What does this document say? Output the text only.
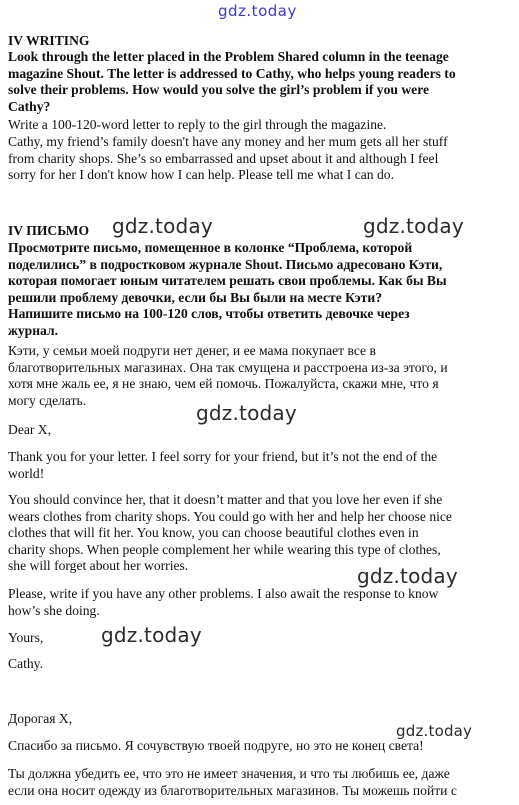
gdz.today
IV WRITING
Look through the letter placed in the Problem Shared column in the teenage
magazine Shout. The letter is addressed to Cathy, who helps young readers to
solve their problems. How would you solve the girl’s problem if you were
Cathy?
Write a 100-120-word letter to reply to the girl through the magazine.
Cathy, my friend’s family doesn't have any money and her mum gets all her stuff
from charity shops. She’s so embarrassed and upset about it and although I feel
sorry for her I don't know how I can help. Please tell me what I can do.
IV ПИСЬМО gdz.today	gdz.today
Просмотрите письмо, помещенное в колонке “Проблема, которой
поделились” в подростковом журнале Shout. Письмо адресовано Кэти,
которая помогает юным читателем решать свои проблемы. Как бы Вы
решили проблему девочки, если бы Вы были на месте Кэти?
Напишите письмо на 100-120 слов, чтобы ответить девочке через
журнал.
Кэти, у семьи моей подруги нет денег, и ее мама покупает все в
благотворительных магазинах. Она так смущена и расстроена из-за этого, и
хотя мне жаль ее, я не знаю, чем ей помочь. Пожалуйста, скажи мне, что я
могу сделать.
gdz.today
Dear X,
Thank you for your letter. I feel sorry for your friend, but it’s not the end of the
world!
You should convince her, that it doesn’t matter and that you love her even if she
wears clothes from charity shops. You could go with her and help her choose nice
clothes that will fit her. You know, you can choose beautiful clothes even in
charity shops. When people complement her while wearing this type of clothes,
she will forget about her worries.	gdz.today
Please, write if you have any other problems. I also await the response to know
how’s she doing.
Yours,	gdz.today
Cathy.
Дорогая Х,
gdz.today
Спасибо за письмо. Я сочувствую твоей подруге, но это не конец света!
Ты должна убедить ее, что это не имеет значения, и что ты любишь ее, даже
если она носит одежду из благотворительных магазинов. Ты можешь пойти с
